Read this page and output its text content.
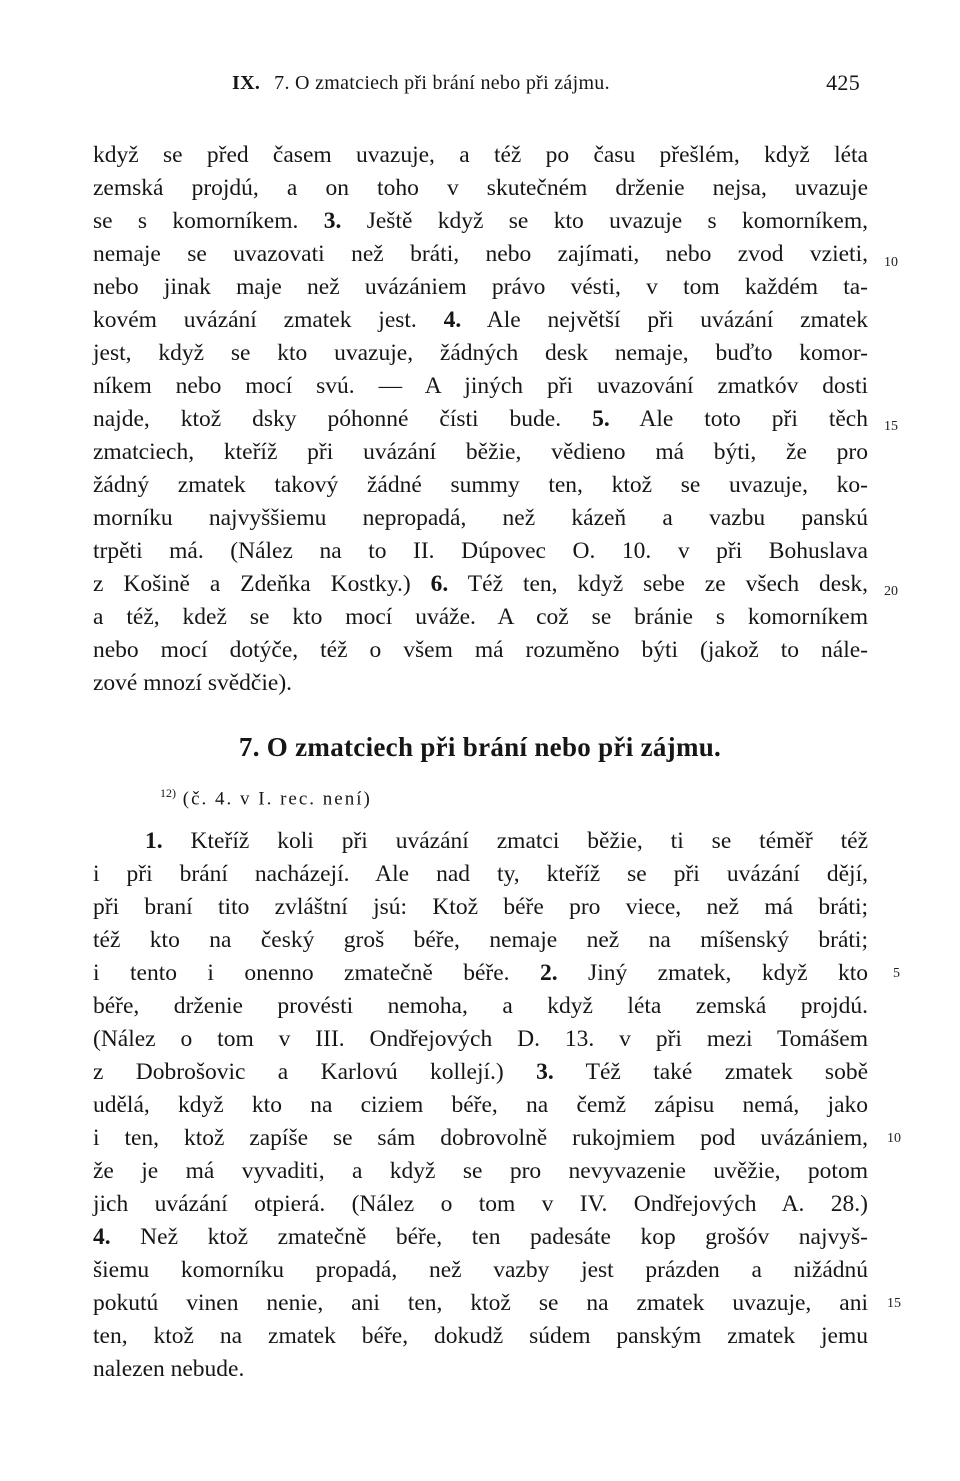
IX. 7. O zmatciech při brání nebo při zájmu.	425
když se před časem uvazuje, a též po času přešlém, když léta
zemská projdú, a on toho v skutečném drženie nejsa, uvazuje
se s komorníkem. 3. Ještě když se kto uvazuje s komorníkem,
nemaje se uvazovati než bráti, nebo zajímati, nebo zvod vzieti,
nebo jinak maje než uvázániem právo vésti, v tom každém ta-
kovém uvázání zmatek jest. 4. Ale největší při uvázání zmatek
jest, když se kto uvazuje, žádných desk nemaje, buďto komor-
níkem nebo mocí svú. — A jiných při uvazování zmatkóv dosti
najde, ktož dsky póhonné čísti bude. 5. Ale toto při těch
zmatciech, kteříž při uvázání běžie, vědieno má býti, že pro
žádný zmatek takový žádné summy ten, ktož se uvazuje, ko-
morníku najvyššiemu nepropadá, než kázeň a vazbu panskú
trpěti má. (Nález na to II. Dúpovec O. 10. v při Bohuslava
z Košině a Zdeňka Kostky.) 6. Též ten, když sebe ze všech desk,
a též, kdež se kto mocí uváže. A což se bránie s komorníkem
nebo mocí dotýče, též o všem má rozuměno býti (jakož to nále-
zové mnozí svědčie).
10
15
20
7. O zmatciech při brání nebo při zájmu.
$^{12)}$ (č. 4. v I. rec. není)
1. Kteříž koli při uvázání zmatci běžie, ti se téměř též
i při brání nacházejí. Ale nad ty, kteříž se při uvázání dějí,
při braní tito zvláštní jsú: Ktož béře pro viece, než má bráti;
též kto na český groš béře, nemaje než na míšenský bráti;
i tento i onenno zmatečně béře. 2. Jiný zmatek, když kto
béře, drženie provésti nemoha, a když léta zemská projdú.
(Nález o tom v III. Ondřejových D. 13. v při mezi Tomášem
z Dobrošovic a Karlovú kollejí.) 3. Též také zmatek sobě
udělá, když kto na ciziem béře, na čemž zápisu nemá, jako
i ten, ktož zapíše se sám dobrovolně rukojmiem pod uvázániem,
že je má vyvaditi, a když se pro nevyvazenie uvěžie, potom
jich uvázání otpierá. (Nález o tom v IV. Ondřejových A. 28.)
4. Než ktož zmatečně béře, ten padesáte kop grošóv najvyš-
šiemu komorníku propadá, než vazby jest prázden a nižádnú
pokutú vinen nenie, ani ten, ktož se na zmatek uvazuje, ani
ten, ktož na zmatek béře, dokudž súdem panským zmatek jemu
nalezen nebude.
5
10
15
